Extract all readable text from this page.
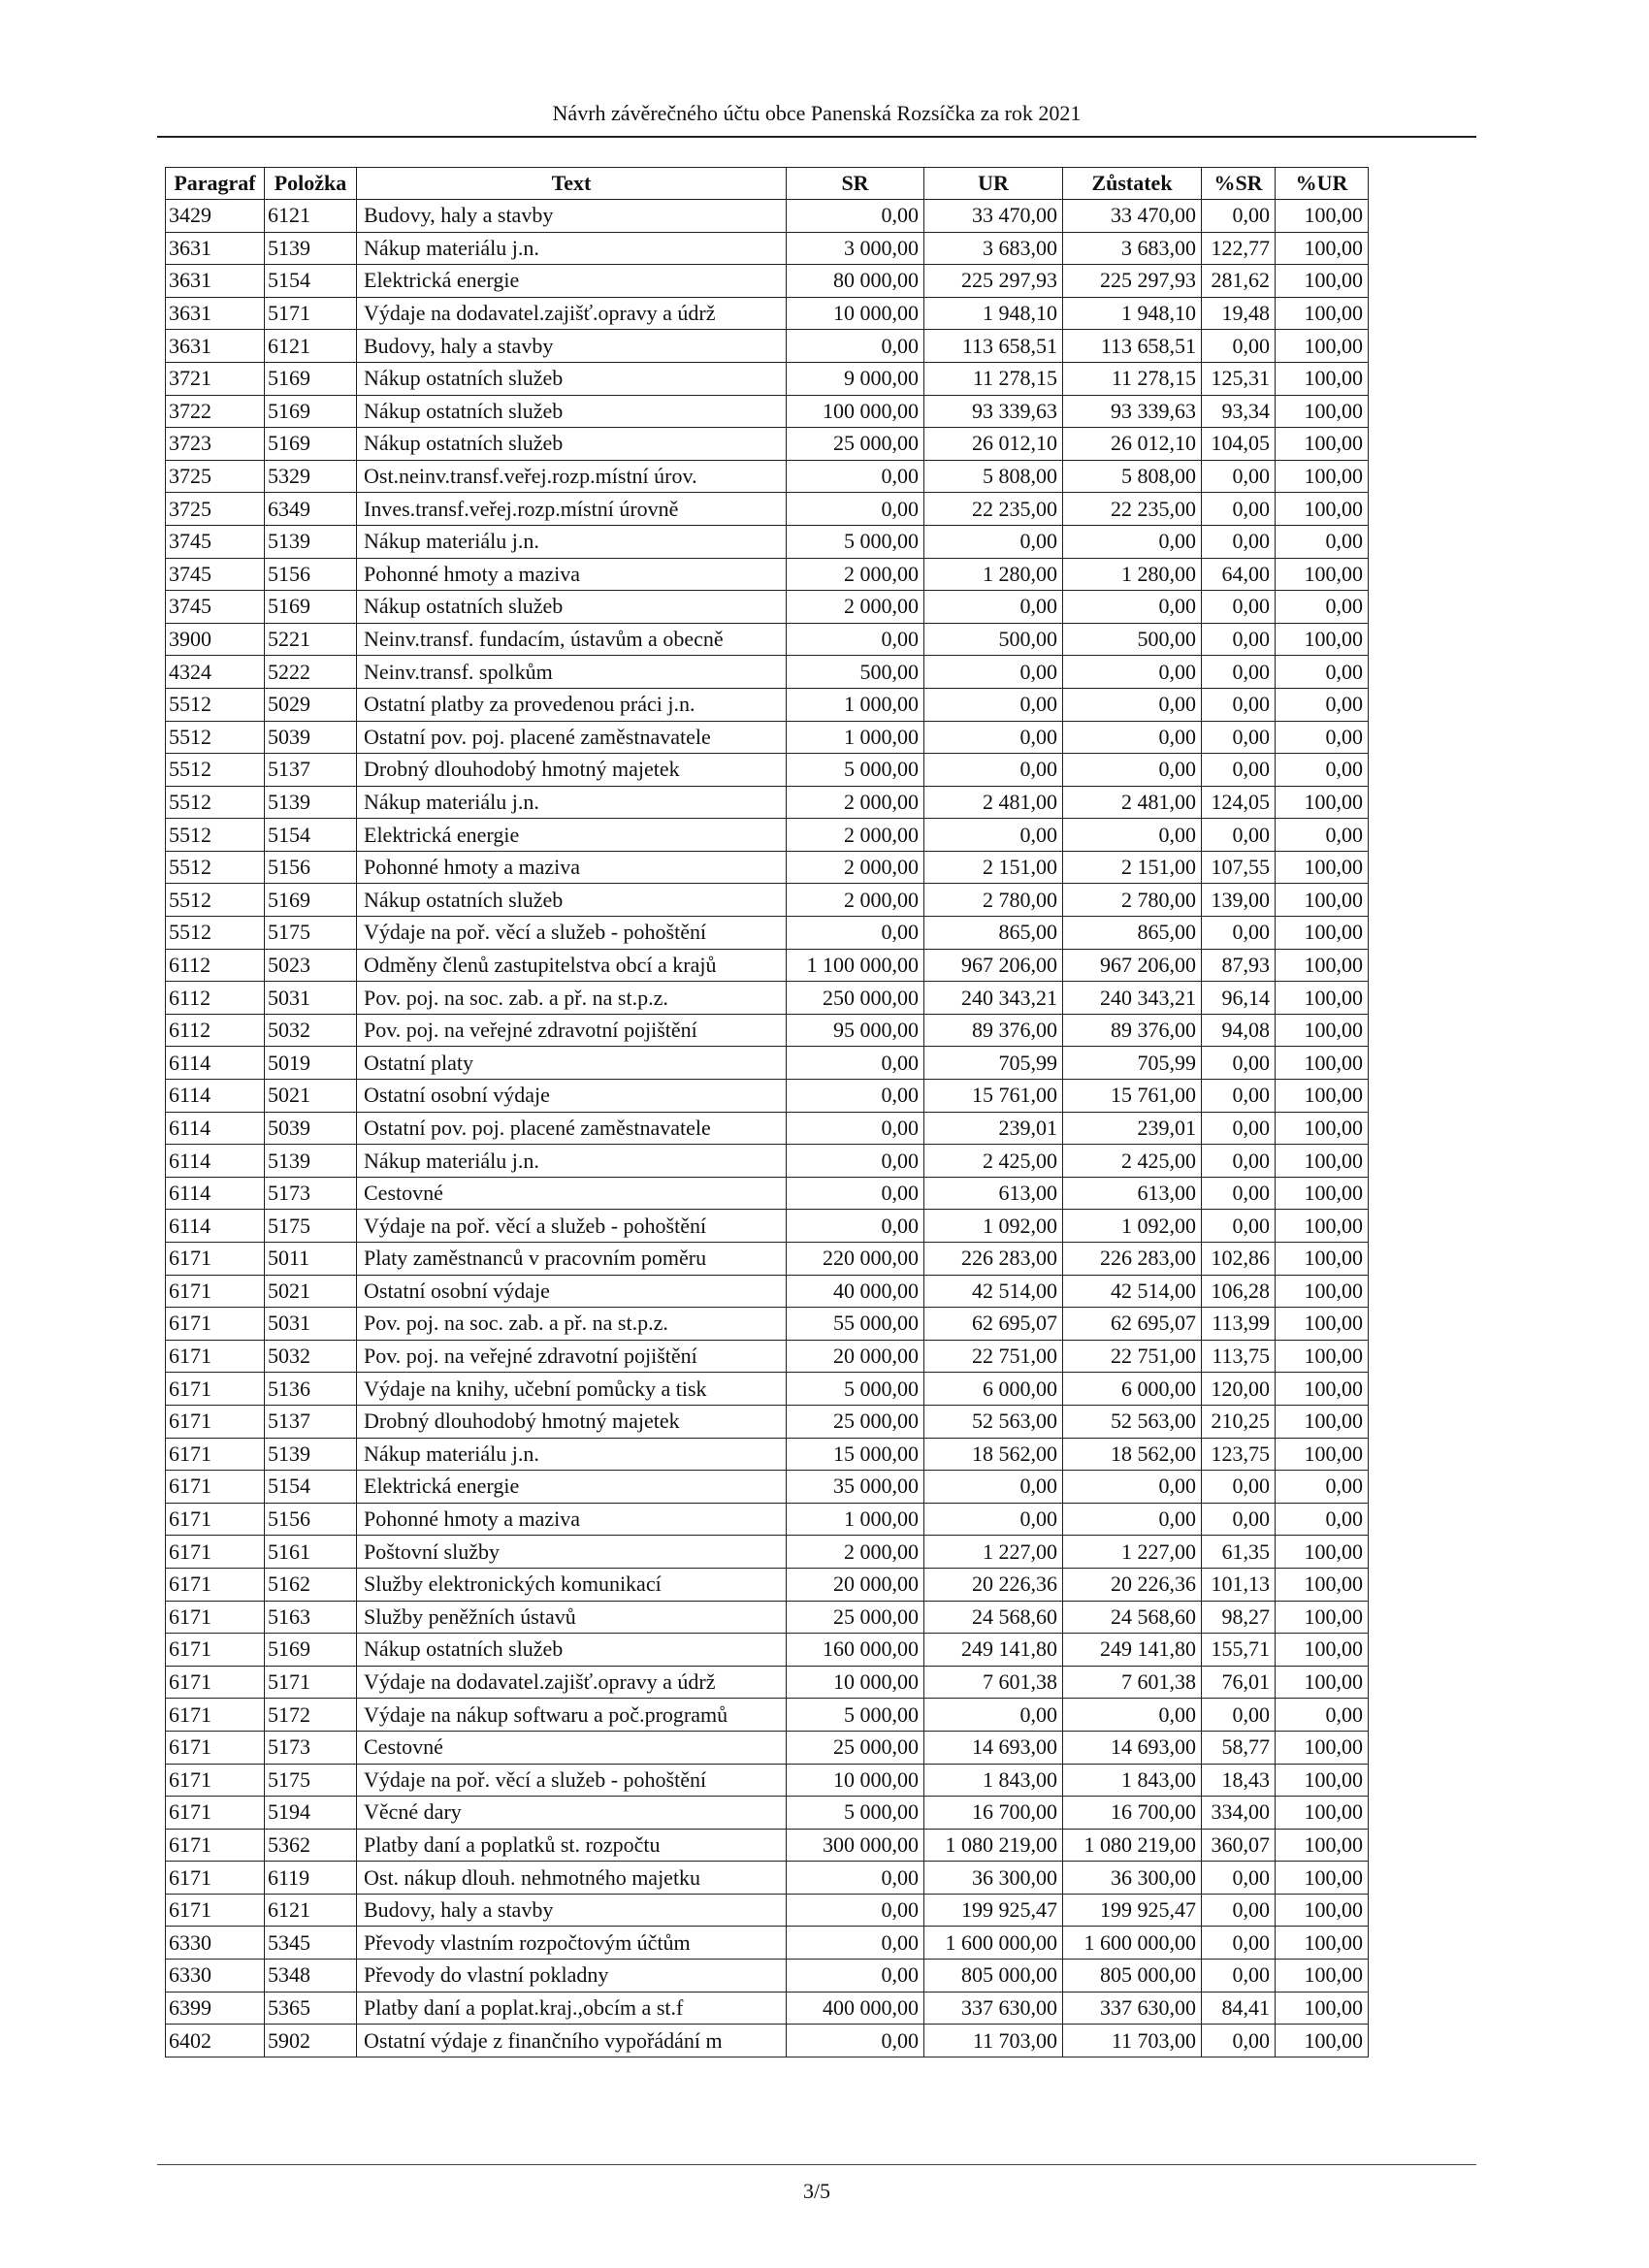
Návrh závěrečného účtu obce Panenská Rozsíčka za rok 2021
Paragraf	Položka	Text	SR	UR	Zůstatek	%SR	%UR
3429	6121	Budovy, haly a stavby	0,00	33 470,00	33 470,00	0,00	100,00
3631	5139	Nákup materiálu j.n.	3 000,00	3 683,00	3 683,00	122,77	100,00
3631	5154	Elektrická energie	80 000,00	225 297,93	225 297,93	281,62	100,00
3631	5171	Výdaje na dodavatel.zajišť.opravy a údrž	10 000,00	1 948,10	1 948,10	19,48	100,00
3631	6121	Budovy, haly a stavby	0,00	113 658,51	113 658,51	0,00	100,00
3721	5169	Nákup ostatních služeb	9 000,00	11 278,15	11 278,15	125,31	100,00
3722	5169	Nákup ostatních služeb	100 000,00	93 339,63	93 339,63	93,34	100,00
3723	5169	Nákup ostatních služeb	25 000,00	26 012,10	26 012,10	104,05	100,00
3725	5329	Ost.neinv.transf.veřej.rozp.místní úrov.	0,00	5 808,00	5 808,00	0,00	100,00
3725	6349	Inves.transf.veřej.rozp.místní úrovně	0,00	22 235,00	22 235,00	0,00	100,00
3745	5139	Nákup materiálu j.n.	5 000,00	0,00	0,00	0,00	0,00
3745	5156	Pohonné hmoty a maziva	2 000,00	1 280,00	1 280,00	64,00	100,00
3745	5169	Nákup ostatních služeb	2 000,00	0,00	0,00	0,00	0,00
3900	5221	Neinv.transf. fundacím, ústavům a obecně	0,00	500,00	500,00	0,00	100,00
4324	5222	Neinv.transf. spolkům	500,00	0,00	0,00	0,00	0,00
5512	5029	Ostatní platby za provedenou práci j.n.	1 000,00	0,00	0,00	0,00	0,00
5512	5039	Ostatní pov. poj. placené zaměstnavatele	1 000,00	0,00	0,00	0,00	0,00
5512	5137	Drobný dlouhodobý hmotný majetek	5 000,00	0,00	0,00	0,00	0,00
5512	5139	Nákup materiálu j.n.	2 000,00	2 481,00	2 481,00	124,05	100,00
5512	5154	Elektrická energie	2 000,00	0,00	0,00	0,00	0,00
5512	5156	Pohonné hmoty a maziva	2 000,00	2 151,00	2 151,00	107,55	100,00
5512	5169	Nákup ostatních služeb	2 000,00	2 780,00	2 780,00	139,00	100,00
5512	5175	Výdaje na poř. věcí a služeb - pohoštění	0,00	865,00	865,00	0,00	100,00
6112	5023	Odměny členů zastupitelstva obcí a krajů	1 100 000,00	967 206,00	967 206,00	87,93	100,00
6112	5031	Pov. poj. na soc. zab. a př. na st.p.z.	250 000,00	240 343,21	240 343,21	96,14	100,00
6112	5032	Pov. poj. na veřejné zdravotní pojištění	95 000,00	89 376,00	89 376,00	94,08	100,00
6114	5019	Ostatní platy	0,00	705,99	705,99	0,00	100,00
6114	5021	Ostatní osobní výdaje	0,00	15 761,00	15 761,00	0,00	100,00
6114	5039	Ostatní pov. poj. placené zaměstnavatele	0,00	239,01	239,01	0,00	100,00
6114	5139	Nákup materiálu j.n.	0,00	2 425,00	2 425,00	0,00	100,00
6114	5173	Cestovné	0,00	613,00	613,00	0,00	100,00
6114	5175	Výdaje na poř. věcí a služeb - pohoštění	0,00	1 092,00	1 092,00	0,00	100,00
6171	5011	Platy zaměstnanců v pracovním poměru	220 000,00	226 283,00	226 283,00	102,86	100,00
6171	5021	Ostatní osobní výdaje	40 000,00	42 514,00	42 514,00	106,28	100,00
6171	5031	Pov. poj. na soc. zab. a př. na st.p.z.	55 000,00	62 695,07	62 695,07	113,99	100,00
6171	5032	Pov. poj. na veřejné zdravotní pojištění	20 000,00	22 751,00	22 751,00	113,75	100,00
6171	5136	Výdaje na knihy, učební pomůcky a tisk	5 000,00	6 000,00	6 000,00	120,00	100,00
6171	5137	Drobný dlouhodobý hmotný majetek	25 000,00	52 563,00	52 563,00	210,25	100,00
6171	5139	Nákup materiálu j.n.	15 000,00	18 562,00	18 562,00	123,75	100,00
6171	5154	Elektrická energie	35 000,00	0,00	0,00	0,00	0,00
6171	5156	Pohonné hmoty a maziva	1 000,00	0,00	0,00	0,00	0,00
6171	5161	Poštovní služby	2 000,00	1 227,00	1 227,00	61,35	100,00
6171	5162	Služby elektronických komunikací	20 000,00	20 226,36	20 226,36	101,13	100,00
6171	5163	Služby peněžních ústavů	25 000,00	24 568,60	24 568,60	98,27	100,00
6171	5169	Nákup ostatních služeb	160 000,00	249 141,80	249 141,80	155,71	100,00
6171	5171	Výdaje na dodavatel.zajišť.opravy a údrž	10 000,00	7 601,38	7 601,38	76,01	100,00
6171	5172	Výdaje na nákup softwaru a poč.programů	5 000,00	0,00	0,00	0,00	0,00
6171	5173	Cestovné	25 000,00	14 693,00	14 693,00	58,77	100,00
6171	5175	Výdaje na poř. věcí a služeb - pohoštění	10 000,00	1 843,00	1 843,00	18,43	100,00
6171	5194	Věcné dary	5 000,00	16 700,00	16 700,00	334,00	100,00
6171	5362	Platby daní a poplatků st. rozpočtu	300 000,00	1 080 219,00	1 080 219,00	360,07	100,00
6171	6119	Ost. nákup dlouh. nehmotného majetku	0,00	36 300,00	36 300,00	0,00	100,00
6171	6121	Budovy, haly a stavby	0,00	199 925,47	199 925,47	0,00	100,00
6330	5345	Převody vlastním rozpočtovým účtům	0,00	1 600 000,00	1 600 000,00	0,00	100,00
6330	5348	Převody do vlastní pokladny	0,00	805 000,00	805 000,00	0,00	100,00
6399	5365	Platby daní a poplat.kraj.,obcím a st.f	400 000,00	337 630,00	337 630,00	84,41	100,00
6402	5902	Ostatní výdaje z finančního vypořádání m	0,00	11 703,00	11 703,00	0,00	100,00
3/5
